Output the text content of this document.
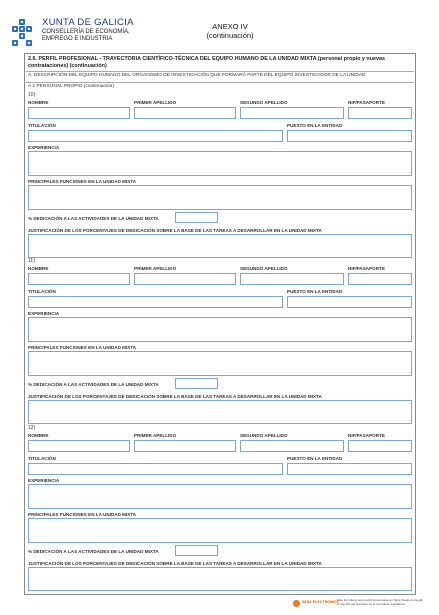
XUNTA DE GALICIA
CONSELLERÍA DE ECONOMÍA,
EMPREGO E INDUSTRIA
ANEXO IV
(continuación)
2.6. PERFIL PROFESIONAL - TRAYECTORIA CIENTÍFICO-TÉCNICA DEL EQUIPO HUMANO DE LA UNIDAD MIXTA (personal propio y nuevas contrataciones) (continuación)
A. DESCRIPCIÓN DEL EQUIPO HUMANO DEL ORGANISMO DE INVESTIGACIÓN QUE FORMARÁ PARTE DEL EQUIPO INVESTIGADOR DE LA UNIDAD
A.1 PERSONAL PROPIO (continuación)
10)
NOMBRE	PRIMER APELLIDO	SEGUNDO APELLIDO	NIF/PASAPORTE
TITULACIÓN	PUESTO EN LA ENTIDAD
EXPERIENCIA
PRINCIPALES FUNCIONES EN LA UNIDAD MIXTA
% DEDICACIÓN A LAS ACTIVIDADES DE LA UNIDAD MIXTA
JUSTIFICACIÓN DE LOS PORCENTAJES DE DEDICACIÓN SOBRE LA BASE DE LAS TAREAS A DESARROLLAR EN LA UNIDAD MIXTA
11)
NOMBRE	PRIMER APELLIDO	SEGUNDO APELLIDO	NIF/PASAPORTE
TITULACIÓN	PUESTO EN LA ENTIDAD
EXPERIENCIA
PRINCIPALES FUNCIONES EN LA UNIDAD MIXTA
% DEDICACIÓN A LAS ACTIVIDADES DE LA UNIDAD MIXTA
JUSTIFICACIÓN DE LOS PORCENTAJES DE DEDICACIÓN SOBRE LA BASE DE LAS TAREAS A DESARROLLAR EN LA UNIDAD MIXTA
12)
NOMBRE	PRIMER APELLIDO	SEGUNDO APELLIDO	NIF/PASAPORTE
TITULACIÓN	PUESTO EN LA ENTIDAD
EXPERIENCIA
PRINCIPALES FUNCIONES EN LA UNIDAD MIXTA
% DEDICACIÓN A LAS ACTIVIDADES DE LA UNIDAD MIXTA
JUSTIFICACIÓN DE LOS PORCENTAJES DE DEDICACIÓN SOBRE LA BASE DE LAS TAREAS A DESARROLLAR EN LA UNIDAD MIXTA
SEDE ELECTRÓNICA
Este formulario solo podrá presentarse en https://sede.xunta.gal en las formas previstas en la normativa reguladora
